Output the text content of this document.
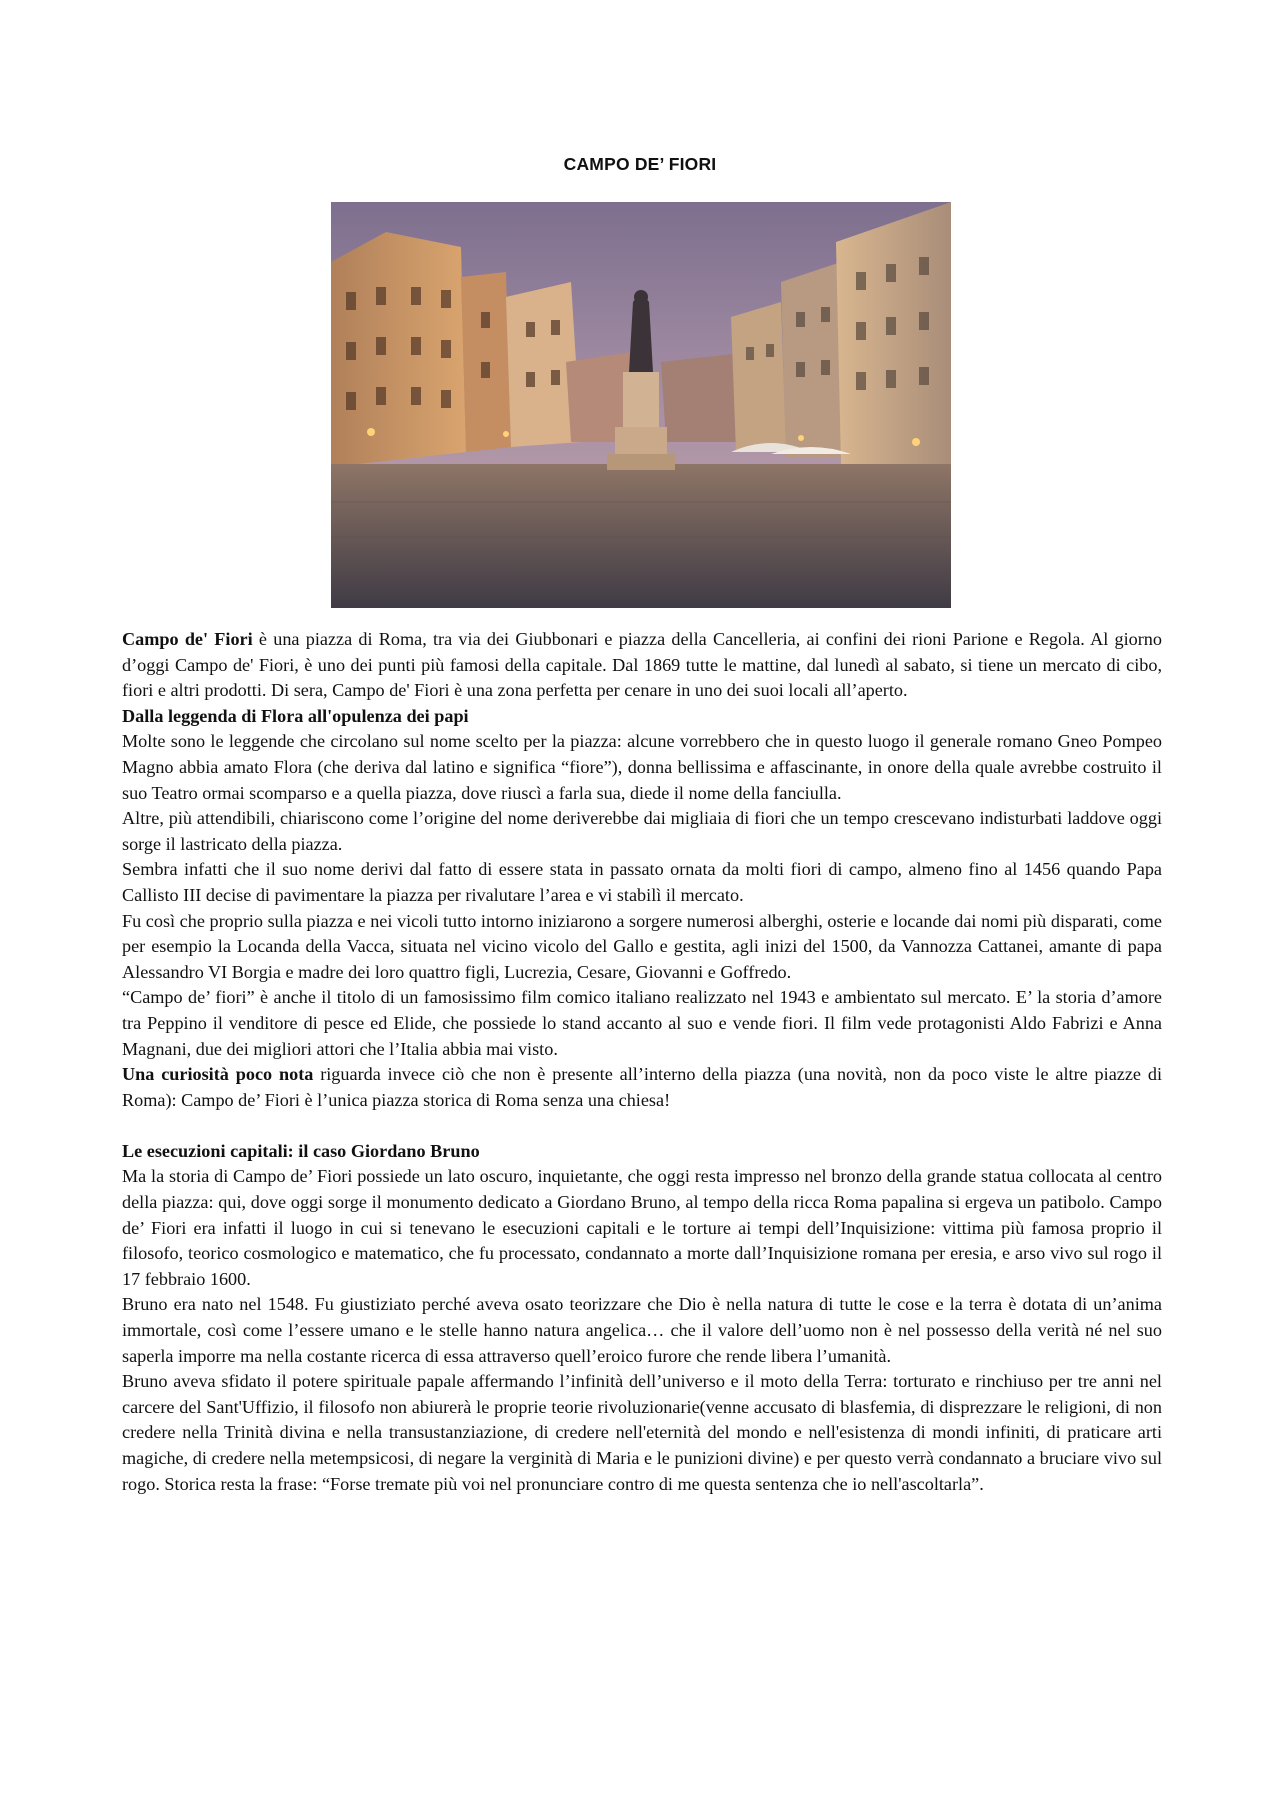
CAMPO DE’ FIORI

Campo de' Fiori è una piazza di Roma, tra via dei Giubbonari e piazza della Cancelleria, ai confini dei rioni Parione e Regola. Al giorno d’oggi Campo de' Fiori, è uno dei punti più famosi della capitale. Dal 1869 tutte le mattine, dal lunedì al sabato, si tiene un mercato di cibo, fiori e altri prodotti. Di sera, Campo de' Fiori è una zona perfetta per cenare in uno dei suoi locali all’aperto.

Dalla leggenda di Flora all'opulenza dei papi

Molte sono le leggende che circolano sul nome scelto per la piazza: alcune vorrebbero che in questo luogo il generale romano Gneo Pompeo Magno abbia amato Flora (che deriva dal latino e significa “fiore”), donna bellissima e affascinante, in onore della quale avrebbe costruito il suo Teatro ormai scomparso e a quella piazza, dove riuscì a farla sua, diede il nome della fanciulla.

Altre, più attendibili, chiariscono come l’origine del nome deriverebbe dai migliaia di fiori che un tempo crescevano indisturbati laddove oggi sorge il lastricato della piazza.

Sembra infatti che il suo nome derivi dal fatto di essere stata in passato ornata da molti fiori di campo, almeno fino al 1456 quando Papa Callisto III decise di pavimentare la piazza per rivalutare l’area e vi stabilì il mercato.

Fu così che proprio sulla piazza e nei vicoli tutto intorno iniziarono a sorgere numerosi alberghi, osterie e locande dai nomi più disparati, come per esempio la Locanda della Vacca, situata nel vicino vicolo del Gallo e gestita, agli inizi del 1500, da Vannozza Cattanei, amante di papa Alessandro VI Borgia e madre dei loro quattro figli, Lucrezia, Cesare, Giovanni e Goffredo.

“Campo de’ fiori” è anche il titolo di un famosissimo film comico italiano realizzato nel 1943 e ambientato sul mercato. E’ la storia d’amore tra Peppino il venditore di pesce ed Elide, che possiede lo stand accanto al suo e vende fiori. Il film vede protagonisti Aldo Fabrizi e Anna Magnani, due dei migliori attori che l’Italia abbia mai visto.

Una curiosità poco nota riguarda invece ciò che non è presente all’interno della piazza (una novità, non da poco viste le altre piazze di Roma): Campo de’ Fiori è l’unica piazza storica di Roma senza una chiesa!

Le esecuzioni capitali: il caso Giordano Bruno

Ma la storia di Campo de’ Fiori possiede un lato oscuro, inquietante, che oggi resta impresso nel bronzo della grande statua collocata al centro della piazza: qui, dove oggi sorge il monumento dedicato a Giordano Bruno, al tempo della ricca Roma papalina si ergeva un patibolo. Campo de’ Fiori era infatti il luogo in cui si tenevano le esecuzioni capitali e le torture ai tempi dell’Inquisizione: vittima più famosa proprio il filosofo, teorico cosmologico e matematico, che fu processato, condannato a morte dall’Inquisizione romana per eresia, e arso vivo sul rogo il 17 febbraio 1600.

Bruno era nato nel 1548. Fu giustiziato perché aveva osato teorizzare che Dio è nella natura di tutte le cose e la terra è dotata di un’anima immortale, così come l’essere umano e le stelle hanno natura angelica… che il valore dell’uomo non è nel possesso della verità né nel suo saperla imporre ma nella costante ricerca di essa attraverso quell’eroico furore che rende libera l’umanità.

Bruno aveva sfidato il potere spirituale papale affermando l’infinità dell’universo e il moto della Terra: torturato e rinchiuso per tre anni nel carcere del Sant'Uffizio, il filosofo non abiurerà le proprie teorie rivoluzionarie(venne accusato di blasfemia, di disprezzare le religioni, di non credere nella Trinità divina e nella transustanziazione, di credere nell'eternità del mondo e nell'esistenza di mondi infiniti, di praticare arti magiche, di credere nella metempsicosi, di negare la verginità di Maria e le punizioni divine) e per questo verrà condannato a bruciare vivo sul rogo. Storica resta la frase: “Forse tremate più voi nel pronunciare contro di me questa sentenza che io nell'ascoltarla”.
